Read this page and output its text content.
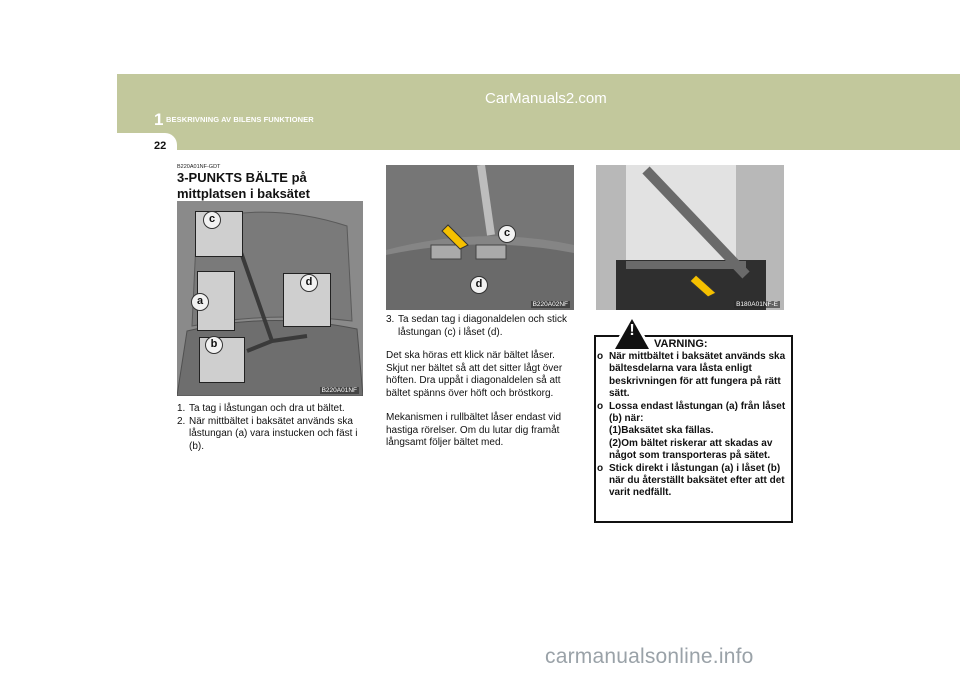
1 BESKRIVNING AV BILENS FUNKTIONER
CarManuals2.com
22
B220A01NF-GDT
3-PUNKTS BÄLTE på mittplatsen i baksätet
c
a
d
b
B220A01NF
1. Ta tag i låstungan och dra ut bältet.
2. När mittbältet i baksätet används ska låstungan (a) vara instucken och fäst i (b).
c
d
B220A02NF
3. Ta sedan tag i diagonaldelen och stick låstungan (c) i låset (d).
Det ska höras ett klick när bältet låser. Skjut ner bältet så att det sitter lågt över höften. Dra uppåt i diagonaldelen så att bältet spänns över höft och bröstkorg.
Mekanismen i rullbältet låser endast vid hastiga rörelser. Om du lutar dig framåt långsamt följer bältet med.
B180A01NF-E
!
VARNING:
o När mittbältet i baksätet används ska bältesdelarna vara låsta enligt beskrivningen för att fungera på rätt sätt.
o Lossa endast låstungan (a) från låset (b) när:
(1)Baksätet ska fällas.
(2)Om bältet riskerar att skadas av något som transporteras på sätet.
o Stick direkt i låstungan (a) i låset (b) när du återställt baksätet efter att det varit nedfällt.
carmanualsonline.info
